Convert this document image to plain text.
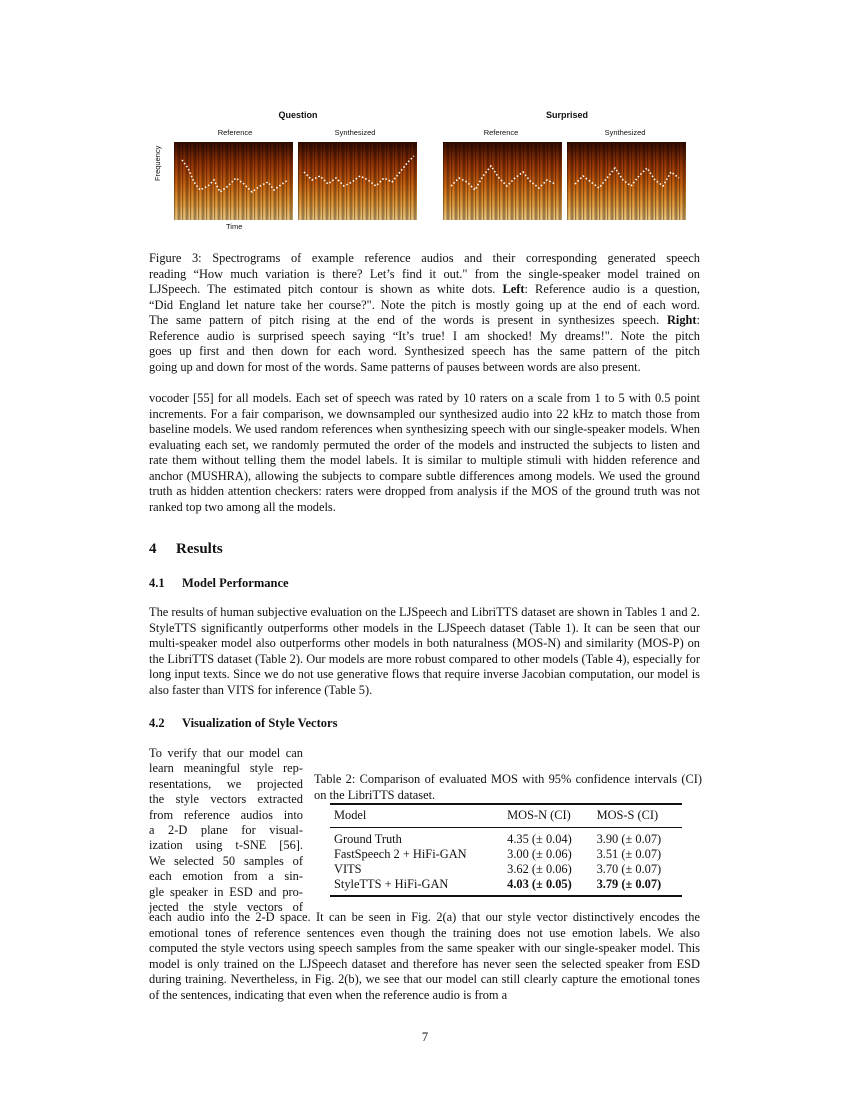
Question	Surprised
Reference	Synthesized	Reference	Synthesized
Frequency
Time
Figure 3: Spectrograms of example reference audios and their corresponding generated speech
reading “How much variation is there? Let’s find it out." from the single-speaker model trained on
LJSpeech. The estimated pitch contour is shown as white dots. Left: Reference audio is a question,
“Did England let nature take her course?". Note the pitch is mostly going up at the end of each word.
The same pattern of pitch rising at the end of the words is present in synthesizes speech. Right:
Reference audio is surprised speech saying “It’s true! I am shocked! My dreams!". Note the pitch
goes up first and then down for each word. Synthesized speech has the same pattern of the pitch
going up and down for most of the words. Same patterns of pauses between words are also present.
vocoder [55] for all models. Each set of speech was rated by 10 raters on a scale from 1 to 5 with 0.5 point increments. For a fair comparison, we downsampled our synthesized audio into 22 kHz to match those from baseline models. We used random references when synthesizing speech with our single-speaker models. When evaluating each set, we randomly permuted the order of the models and instructed the subjects to listen and rate them without telling them the model labels. It is similar to multiple stimuli with hidden reference and anchor (MUSHRA), allowing the subjects to compare subtle differences among models. We used the ground truth as hidden attention checkers: raters were dropped from analysis if the MOS of the ground truth was not ranked top two among all the models.
4 Results
4.1 Model Performance
The results of human subjective evaluation on the LJSpeech and LibriTTS dataset are shown in Tables 1 and 2. StyleTTS significantly outperforms other models in the LJSpeech dataset (Table 1). It can be seen that our multi-speaker model also outperforms other models in both naturalness (MOS-N) and similarity (MOS-P) on the LibriTTS dataset (Table 2). Our models are more robust compared to other models (Table 4), especially for long input texts. Since we do not use generative flows that require inverse Jacobian computation, our model is also faster than VITS for inference (Table 5).
4.2 Visualization of Style Vectors
To verify that our model can
learn meaningful style rep-
resentations, we projected
the style vectors extracted
from reference audios into
a 2-D plane for visual-
ization using t-SNE [56].
We selected 50 samples of
each emotion from a sin-
gle speaker in ESD and pro-
jected the style vectors of
Table 2: Comparison of evaluated MOS with 95% confidence intervals (CI) on the LibriTTS dataset.
Model	MOS-N (CI)	MOS-S (CI)
Ground Truth	4.35 (± 0.04)	3.90 (± 0.07)
FastSpeech 2 + HiFi-GAN	3.00 (± 0.06)	3.51 (± 0.07)
VITS	3.62 (± 0.06)	3.70 (± 0.07)
StyleTTS + HiFi-GAN	4.03 (± 0.05)	3.79 (± 0.07)
each audio into the 2-D space. It can be seen in Fig. 2(a) that our style vector distinctively encodes the emotional tones of reference sentences even though the training does not use emotion labels. We also computed the style vectors using speech samples from the same speaker with our single-speaker model. This model is only trained on the LJSpeech dataset and therefore has never seen the selected speaker from ESD during training. Nevertheless, in Fig. 2(b), we see that our model can still clearly capture the emotional tones of the sentences, indicating that even when the reference audio is from a
7
